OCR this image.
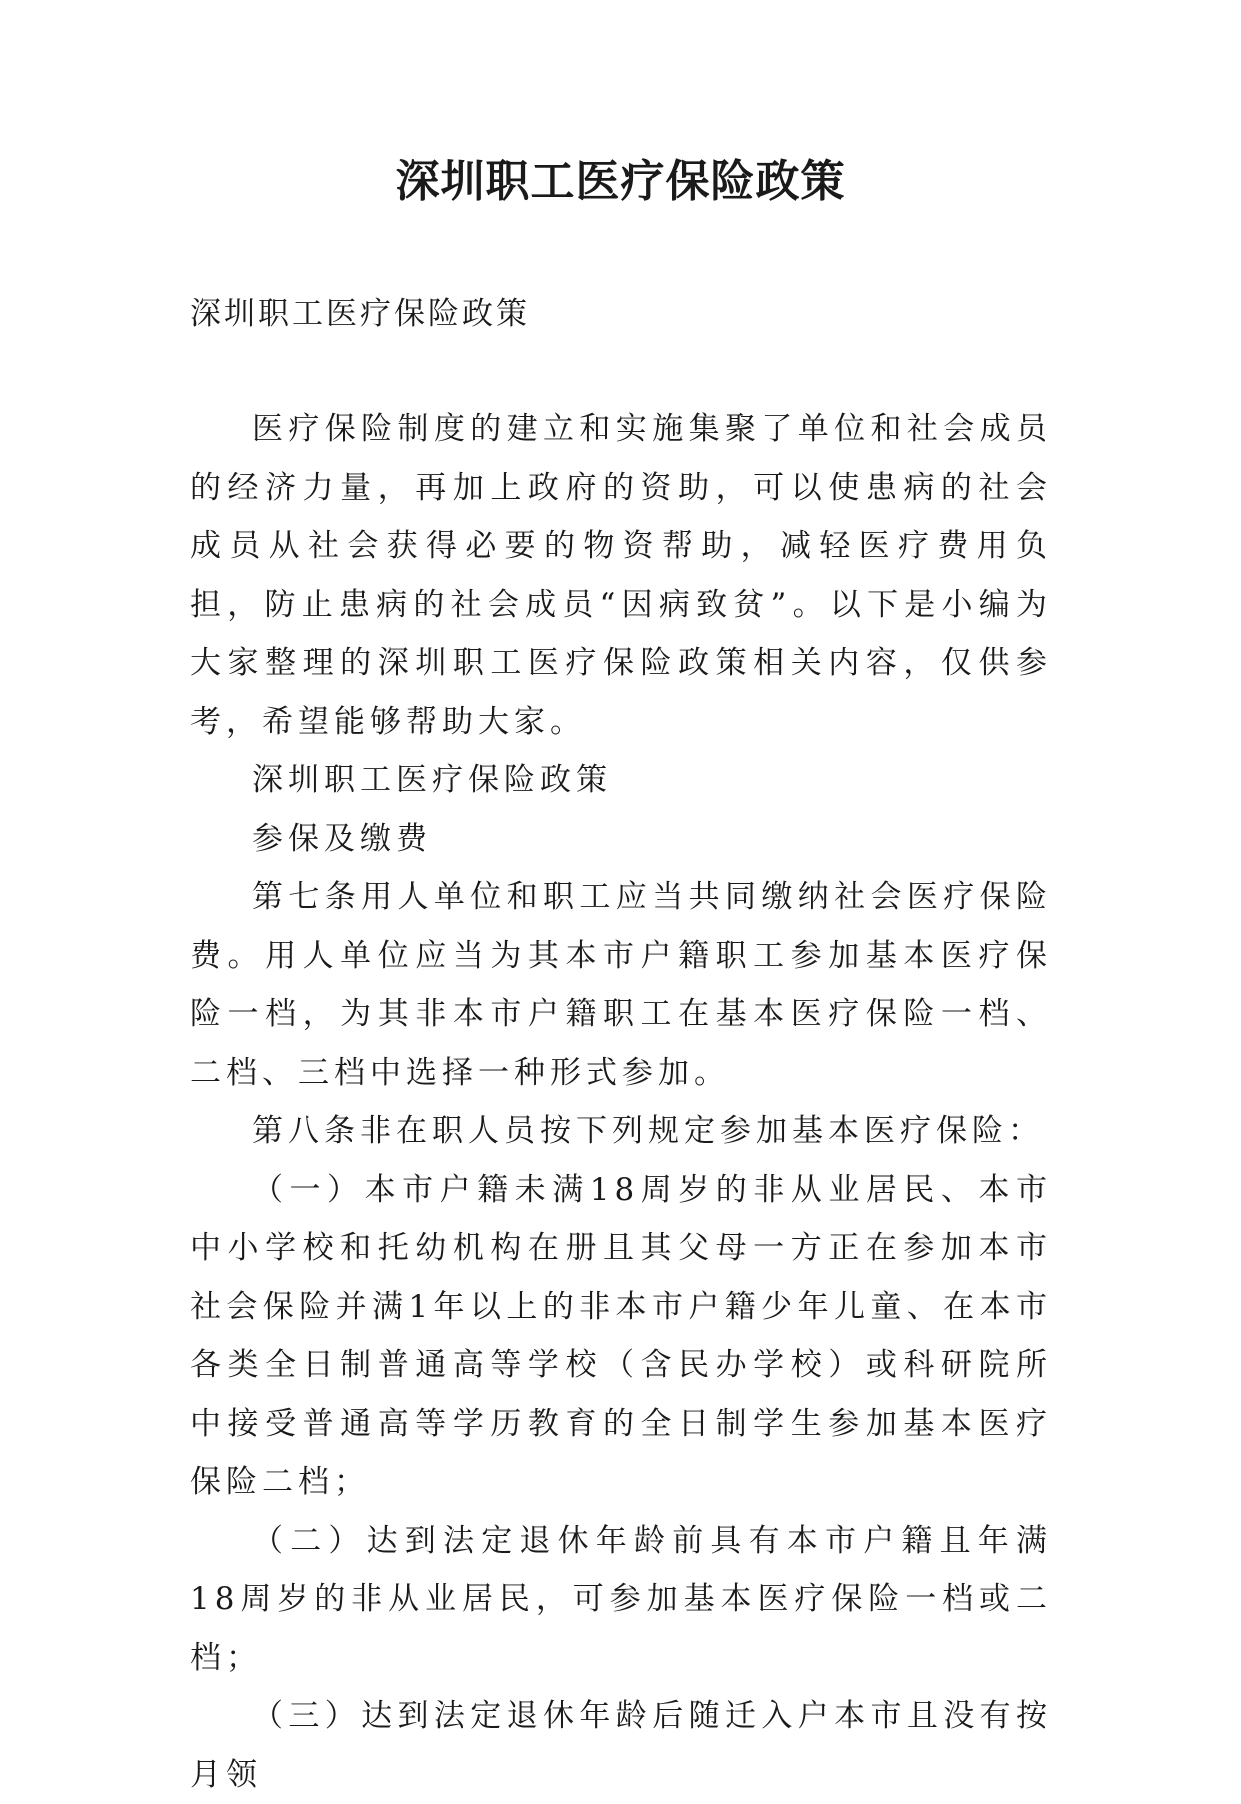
深圳职工医疗保险政策

深圳职工医疗保险政策

医疗保险制度的建立和实施集聚了单位和社会成员的经济力量，再加上政府的资助，可以使患病的社会成员从社会获得必要的物资帮助，减轻医疗费用负担，防止患病的社会成员“因病致贫”。以下是小编为大家整理的深圳职工医疗保险政策相关内容，仅供参考，希望能够帮助大家。

深圳职工医疗保险政策

参保及缴费

第七条用人单位和职工应当共同缴纳社会医疗保险费。用人单位应当为其本市户籍职工参加基本医疗保险一档，为其非本市户籍职工在基本医疗保险一档、二档、三档中选择一种形式参加。

第八条非在职人员按下列规定参加基本医疗保险：

（一）本市户籍未满18周岁的非从业居民、本市中小学校和托幼机构在册且其父母一方正在参加本市社会保险并满1年以上的非本市户籍少年儿童、在本市各类全日制普通高等学校（含民办学校）或科研院所中接受普通高等学历教育的全日制学生参加基本医疗保险二档；

（二）达到法定退休年龄前具有本市户籍且年满18周岁的非从业居民，可参加基本医疗保险一档或二档；

（三）达到法定退休年龄后随迁入户本市且没有按月领
